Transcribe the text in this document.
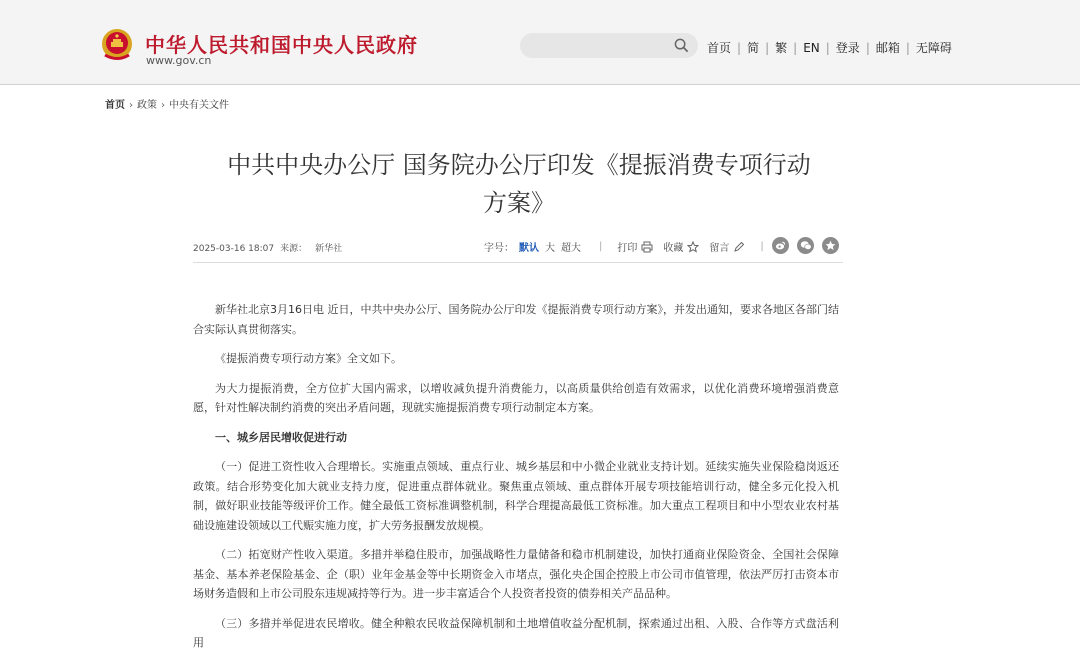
中华人民共和国中央人民政府
www.gov.cn
首页 | 简 | 繁 | EN | 登录 | 邮箱 | 无障碍
首页 › 政策 › 中央有关文件
中共中央办公厅 国务院办公厅印发《提振消费专项行动
方案》
2025-03-16 18:07 来源： 新华社	字号： 默认 大 超大 | 打印	收藏	留言	|

新华社北京3月16日电 近日，中共中央办公厅、国务院办公厅印发《提振消费专项行动方案》，并发出通知，要求各地区各部门结合实际认真贯彻落实。

《提振消费专项行动方案》全文如下。

为大力提振消费，全方位扩大国内需求，以增收减负提升消费能力，以高质量供给创造有效需求，以优化消费环境增强消费意愿，针对性解决制约消费的突出矛盾问题，现就实施提振消费专项行动制定本方案。

一、城乡居民增收促进行动

（一）促进工资性收入合理增长。实施重点领域、重点行业、城乡基层和中小微企业就业支持计划。延续实施失业保险稳岗返还政策。结合形势变化加大就业支持力度，促进重点群体就业。聚焦重点领域、重点群体开展专项技能培训行动，健全多元化投入机制，做好职业技能等级评价工作。健全最低工资标准调整机制，科学合理提高最低工资标准。加大重点工程项目和中小型农业农村基础设施建设领域以工代赈实施力度，扩大劳务报酬发放规模。

（二）拓宽财产性收入渠道。多措并举稳住股市，加强战略性力量储备和稳市机制建设，加快打通商业保险资金、全国社会保障基金、基本养老保险基金、企（职）业年金基金等中长期资金入市堵点，强化央企国企控股上市公司市值管理，依法严厉打击资本市场财务造假和上市公司股东违规减持等行为。进一步丰富适合个人投资者投资的债券相关产品品种。

（三）多措并举促进农民增收。健全种粮农民收益保障机制和土地增值收益分配机制，探索通过出租、入股、合作等方式盘活利用
